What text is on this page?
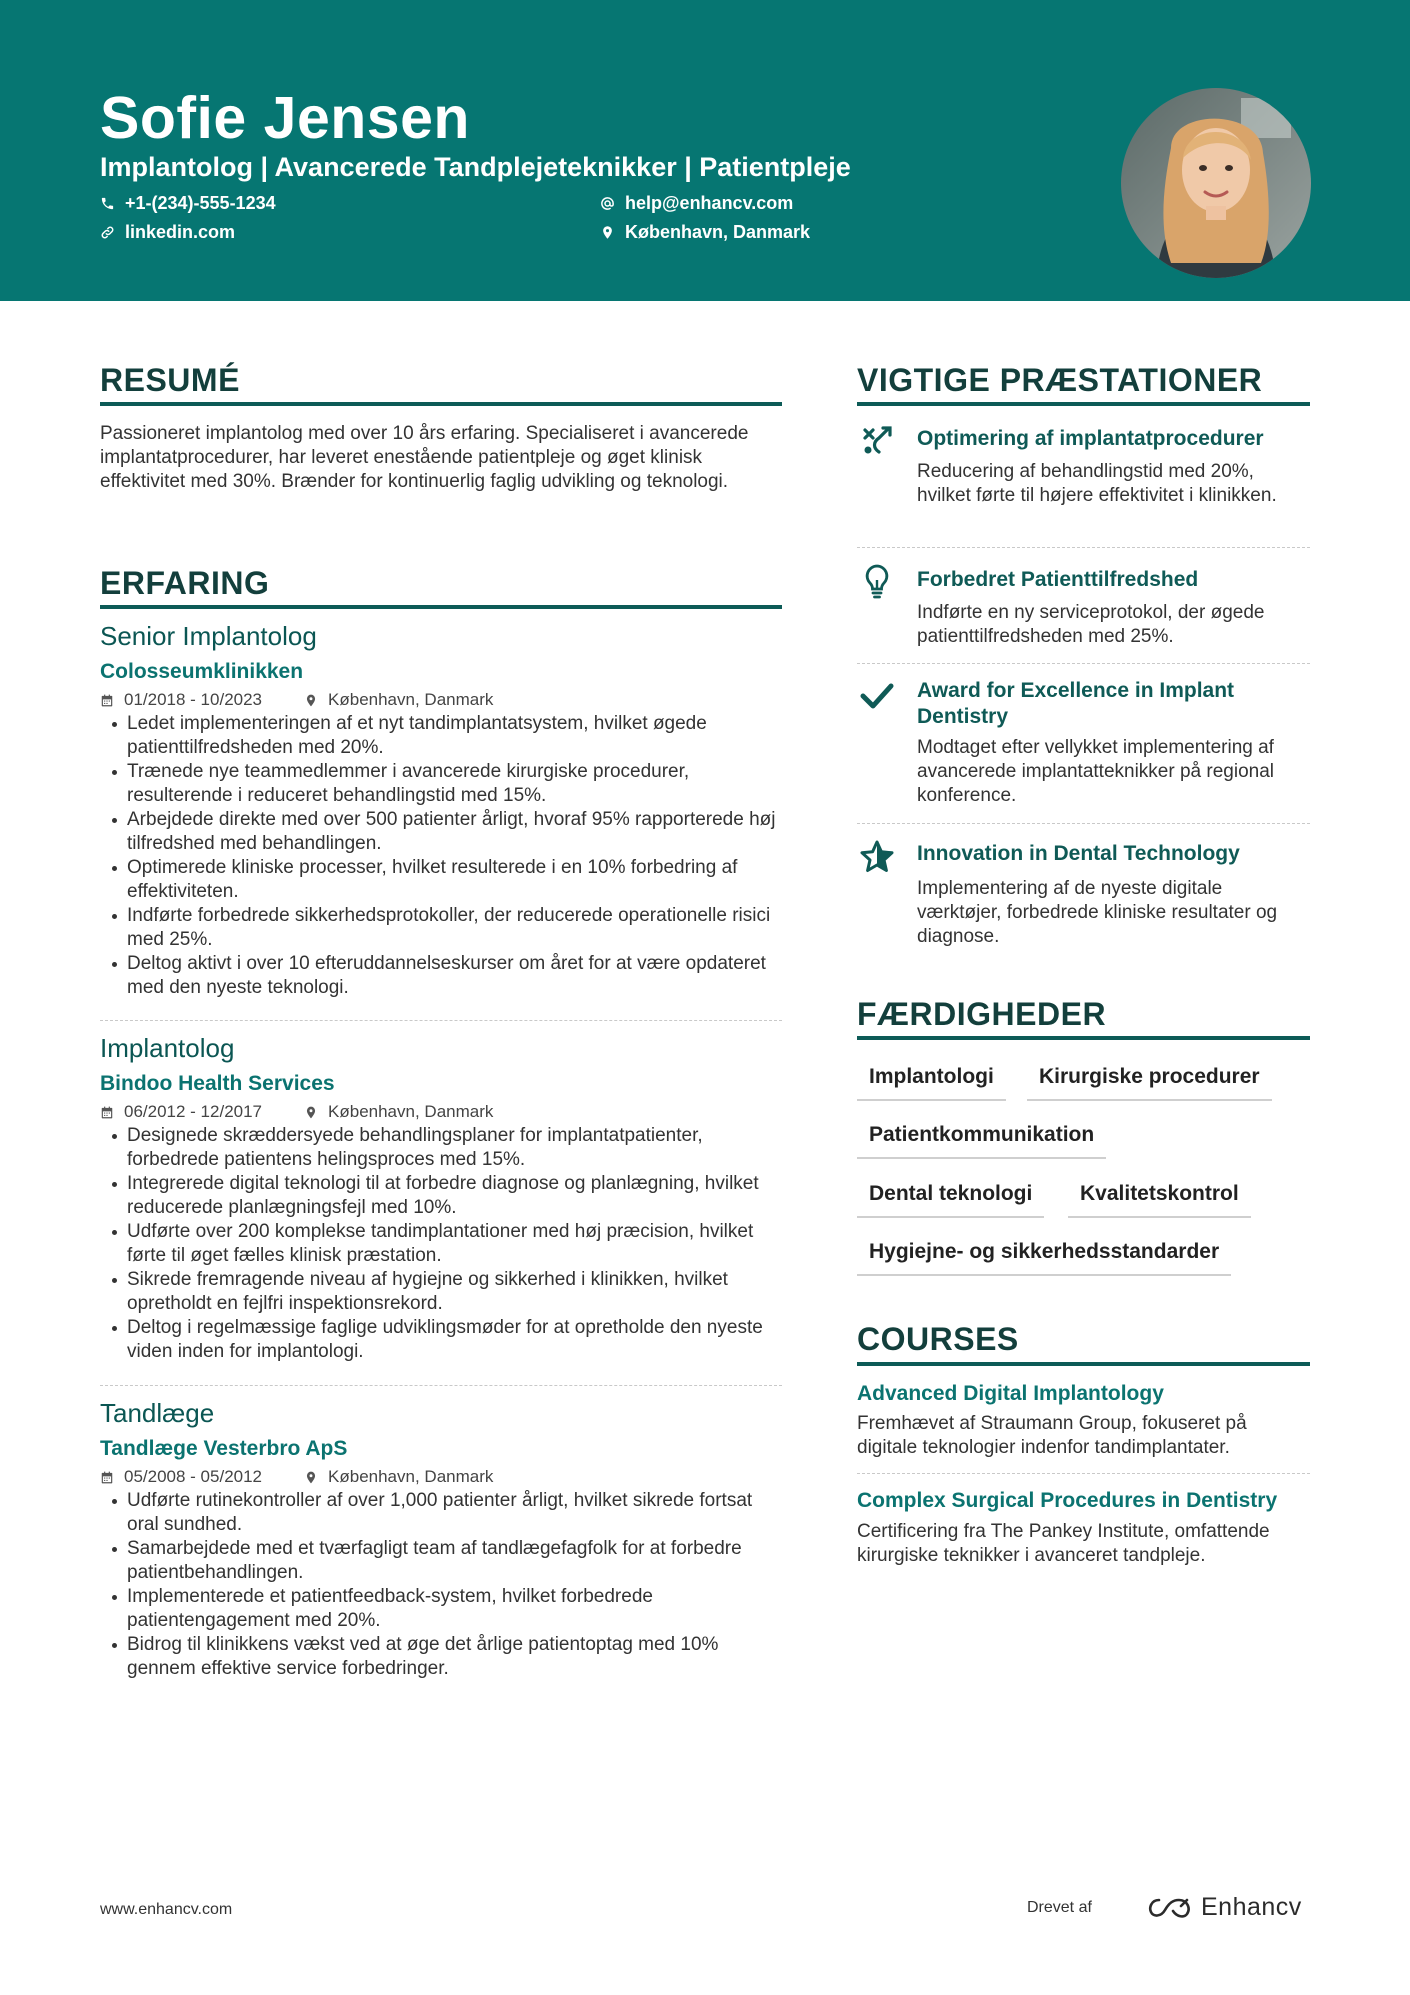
Sofie Jensen
Implantolog | Avancerede Tandplejeteknikker | Patientpleje
+1-(234)-555-1234	help@enhancv.com
linkedin.com	København, Danmark
RESUMÉ
Passioneret implantolog med over 10 års erfaring. Specialiseret i avancerede implantatprocedurer, har leveret enestående patientpleje og øget klinisk effektivitet med 30%. Brænder for kontinuerlig faglig udvikling og teknologi.
ERFARING
Senior Implantolog
Colosseumklinikken
01/2018 - 10/2023	København, Danmark
Ledet implementeringen af et nyt tandimplantatsystem, hvilket øgede patienttilfredsheden med 20%.
Trænede nye teammedlemmer i avancerede kirurgiske procedurer, resulterende i reduceret behandlingstid med 15%.
Arbejdede direkte med over 500 patienter årligt, hvoraf 95% rapporterede høj tilfredshed med behandlingen.
Optimerede kliniske processer, hvilket resulterede i en 10% forbedring af effektiviteten.
Indførte forbedrede sikkerhedsprotokoller, der reducerede operationelle risici med 25%.
Deltog aktivt i over 10 efteruddannelseskurser om året for at være opdateret med den nyeste teknologi.
Implantolog
Bindoo Health Services
06/2012 - 12/2017	København, Danmark
Designede skræddersyede behandlingsplaner for implantatpatienter, forbedrede patientens helingsproces med 15%.
Integrerede digital teknologi til at forbedre diagnose og planlægning, hvilket reducerede planlægningsfejl med 10%.
Udførte over 200 komplekse tandimplantationer med høj præcision, hvilket førte til øget fælles klinisk præstation.
Sikrede fremragende niveau af hygiejne og sikkerhed i klinikken, hvilket opretholdt en fejlfri inspektionsrekord.
Deltog i regelmæssige faglige udviklingsmøder for at opretholde den nyeste viden inden for implantologi.
Tandlæge
Tandlæge Vesterbro ApS
05/2008 - 05/2012	København, Danmark
Udførte rutinekontroller af over 1,000 patienter årligt, hvilket sikrede fortsat oral sundhed.
Samarbejdede med et tværfagligt team af tandlægefagfolk for at forbedre patientbehandlingen.
Implementerede et patientfeedback-system, hvilket forbedrede patientengagement med 20%.
Bidrog til klinikkens vækst ved at øge det årlige patientoptag med 10% gennem effektive service forbedringer.
VIGTIGE PRÆSTATIONER
Optimering af implantatprocedurer
Reducering af behandlingstid med 20%, hvilket førte til højere effektivitet i klinikken.
Forbedret Patienttilfredshed
Indførte en ny serviceprotokol, der øgede patienttilfredsheden med 25%.
Award for Excellence in Implant Dentistry
Modtaget efter vellykket implementering af avancerede implantatteknikker på regional konference.
Innovation in Dental Technology
Implementering af de nyeste digitale værktøjer, forbedrede kliniske resultater og diagnose.
FÆRDIGHEDER
Implantologi	Kirurgiske procedurer
Patientkommunikation
Dental teknologi	Kvalitetskontrol
Hygiejne- og sikkerhedsstandarder
COURSES
Advanced Digital Implantology
Fremhævet af Straumann Group, fokuseret på digitale teknologier indenfor tandimplantater.
Complex Surgical Procedures in Dentistry
Certificering fra The Pankey Institute, omfattende kirurgiske teknikker i avanceret tandpleje.
www.enhancv.com	Drevet af	Enhancv
